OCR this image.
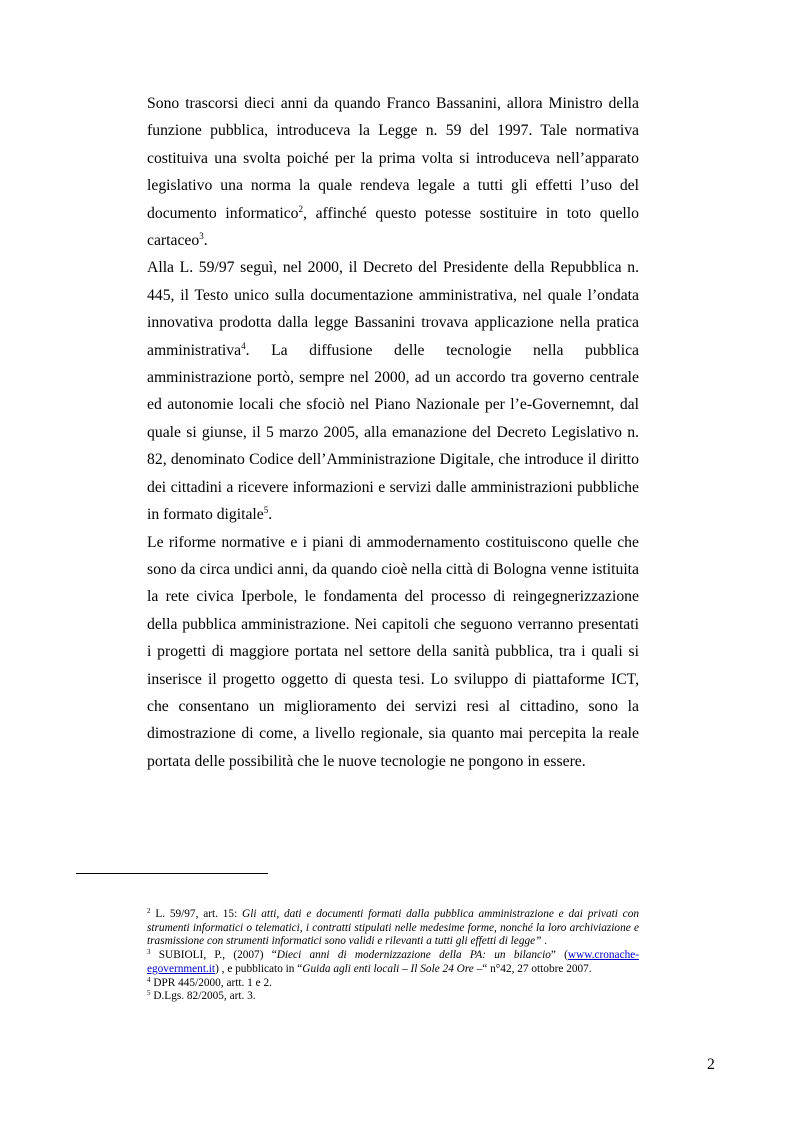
Sono trascorsi dieci anni da quando Franco Bassanini, allora Ministro della funzione pubblica, introduceva la Legge n. 59 del 1997. Tale normativa costituiva una svolta poiché per la prima volta si introduceva nell’apparato legislativo una norma la quale rendeva legale a tutti gli effetti l’uso del documento informatico$^2$, affinché questo potesse sostituire in toto quello cartaceo$^3$.

Alla L. 59/97 seguì, nel 2000, il Decreto del Presidente della Repubblica n. 445, il Testo unico sulla documentazione amministrativa, nel quale l’ondata innovativa prodotta dalla legge Bassanini trovava applicazione nella pratica amministrativa$^4$. La diffusione delle tecnologie nella pubblica amministrazione portò, sempre nel 2000, ad un accordo tra governo centrale ed autonomie locali che sfociò nel Piano Nazionale per l’e-Governemnt, dal quale si giunse, il 5 marzo 2005, alla emanazione del Decreto Legislativo n. 82, denominato Codice dell’Amministrazione Digitale, che introduce il diritto dei cittadini a ricevere informazioni e servizi dalle amministrazioni pubbliche in formato digitale$^5$.

Le riforme normative e i piani di ammodernamento costituiscono quelle che sono da circa undici anni, da quando cioè nella città di Bologna venne istituita la rete civica Iperbole, le fondamenta del processo di reingegnerizzazione della pubblica amministrazione. Nei capitoli che seguono verranno presentati i progetti di maggiore portata nel settore della sanità pubblica, tra i quali si inserisce il progetto oggetto di questa tesi. Lo sviluppo di piattaforme ICT, che consentano un miglioramento dei servizi resi al cittadino, sono la dimostrazione di come, a livello regionale, sia quanto mai percepita la reale portata delle possibilità che le nuove tecnologie ne pongono in essere.

$^2$ L. 59/97, art. 15: Gli atti, dati e documenti formati dalla pubblica amministrazione e dai privati con strumenti informatici o telematici, i contratti stipulati nelle medesime forme, nonché la loro archiviazione e trasmissione con strumenti informatici sono validi e rilevanti a tutti gli effetti di legge” .

$^3$ SUBIOLI, P., (2007) “Dieci anni di modernizzazione della PA: un bilancio” (www.cronache-egovernment.it) , e pubblicato in “Guida agli enti locali – Il Sole 24 Ore –“ n°42, 27 ottobre 2007.

$^4$ DPR 445/2000, artt. 1 e 2.

$^5$ D.Lgs. 82/2005, art. 3.

2
